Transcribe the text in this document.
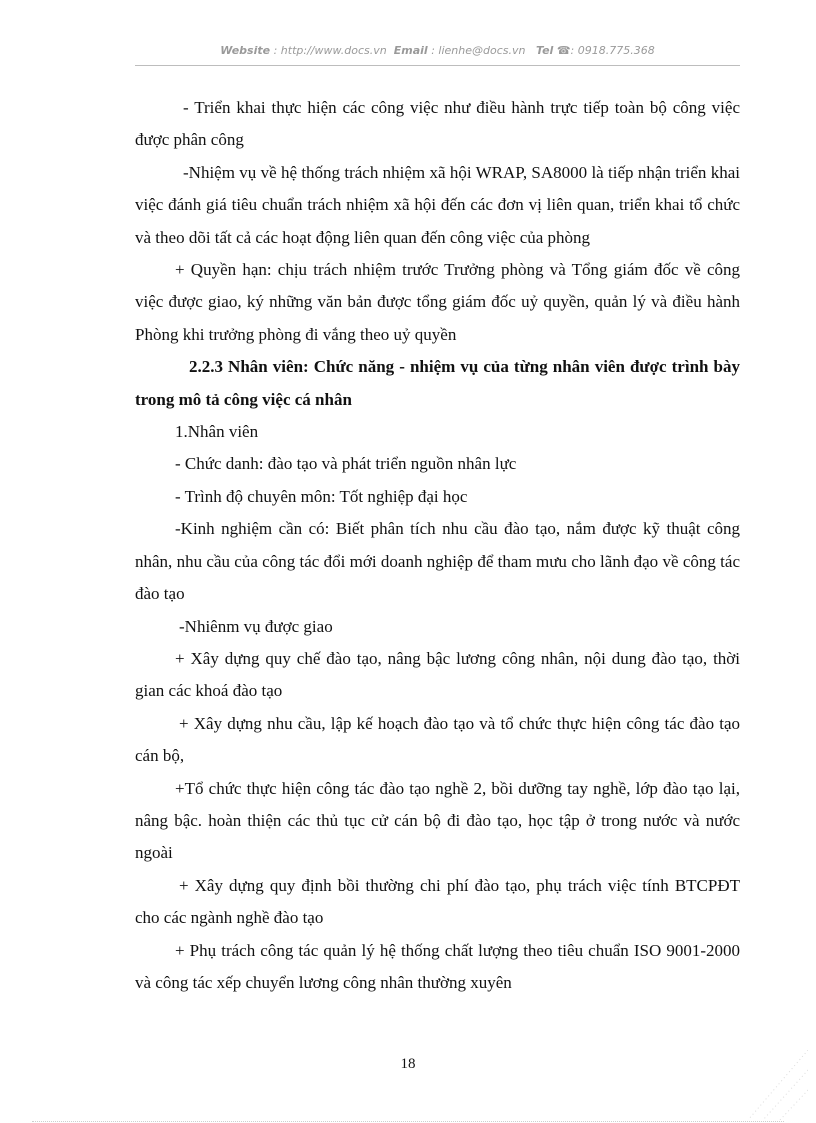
Website : http://www.docs.vn Email : lienhe@docs.vn Tel ☎: 0918.775.368

- Triển khai thực hiện các công việc như điều hành trực tiếp toàn bộ công việc được phân công

-Nhiệm vụ về hệ thống trách nhiệm xã hội WRAP, SA8000 là tiếp nhận triển khai việc đánh giá tiêu chuẩn trách nhiệm xã hội đến các đơn vị liên quan, triển khai tổ chức và theo dõi tất cả các hoạt động liên quan đến công việc của phòng

+ Quyền hạn: chịu trách nhiệm trước Trưởng phòng và Tổng giám đốc về công việc được giao, ký những văn bản được tổng giám đốc uỷ quyền, quản lý và điều hành Phòng khi trưởng phòng đi vắng theo uỷ quyền

2.2.3 Nhân viên: Chức năng - nhiệm vụ của từng nhân viên được trình bày trong mô tả công việc cá nhân

1.Nhân viên

- Chức danh: đào tạo và phát triển nguồn nhân lực

- Trình độ chuyên môn: Tốt nghiệp đại học

-Kinh nghiệm cần có: Biết phân tích nhu cầu đào tạo, nắm được kỹ thuật công nhân, nhu cầu của công tác đổi mới doanh nghiệp để tham mưu cho lãnh đạo về công tác đào tạo

-Nhiênm vụ được giao

+ Xây dựng quy chế đào tạo, nâng bậc lương công nhân, nội dung đào tạo, thời gian các khoá đào tạo

+ Xây dựng nhu cầu, lập kế hoạch đào tạo và tổ chức thực hiện công tác đào tạo cán bộ,

+Tổ chức thực hiện công tác đào tạo nghề 2, bồi dưỡng tay nghề, lớp đào tạo lại, nâng bậc. hoàn thiện các thủ tục cử cán bộ đi đào tạo, học tập ở trong nước và nước ngoài

+ Xây dựng quy định bồi thường chi phí đào tạo, phụ trách việc tính BTCPĐT cho các ngành nghề đào tạo

+ Phụ trách công tác quản lý hệ thống chất lượng theo tiêu chuẩn ISO 9001-2000 và công tác xếp chuyển lương công nhân thường xuyên

18
